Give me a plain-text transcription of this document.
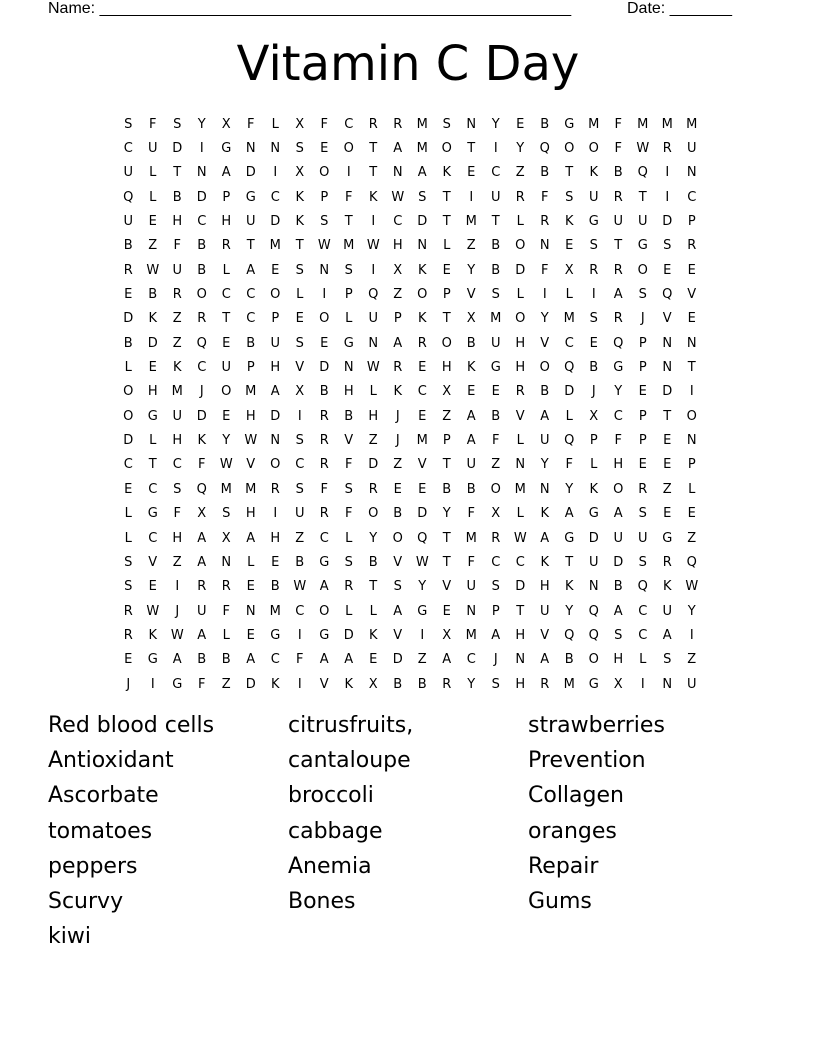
Name: _____________________________________________________	Date: _______
Vitamin C Day
S	F	S	Y	X	F	L	X	F	C	R	R	M	S	N	Y	E	B	G	M	F	M	M	M
C	U	D	I	G	N	N	S	E	O	T	A	M	O	T	I	Y	Q	O	O	F	W	R	U
U	L	T	N	A	D	I	X	O	I	T	N	A	K	E	C	Z	B	T	K	B	Q	I	N
Q	L	B	D	P	G	C	K	P	F	K	W	S	T	I	U	R	F	S	U	R	T	I	C
U	E	H	C	H	U	D	K	S	T	I	C	D	T	M	T	L	R	K	G	U	U	D	P
B	Z	F	B	R	T	M	T	W M W	H	N	L	Z	B	O	N	E	S	T	G	S	R
R	W	U	B	L	A	E	S	N	S	I	X	K	E	Y	B	D	F	X	R	R	O	E	E
E	B	R	O	C	C	O	L	I	P	Q	Z	O	P	V	S	L	I	L	I	A	S	Q	V
D	K	Z	R	T	C	P	E	O	L	U	P	K	T	X	M	O	Y	M	S	R	J	V	E
B	D	Z	Q	E	B	U	S	E	G	N	A	R	O	B	U	H	V	C	E	Q	P	N	N
L	E	K	C	U	P	H	V	D	N	W	R	E	H	K	G	H	O	Q	B	G	P	N	T
O	H	M	J	O	M	A	X	B	H	L	K	C	X	E	E	R	B	D	J	Y	E	D	I
O	G	U	D	E	H	D	I	R	B	H	J	E	Z	A	B	V	A	L	X	C	P	T	O
D	L	H	K	Y	W	N	S	R	V	Z	J	M	P	A	F	L	U	Q	P	F	P	E	N
C	T	C	F	W	V	O	C	R	F	D	Z	V	T	U	Z	N	Y	F	L	H	E	E	P
E	C	S	Q	M	M	R	S	F	S	R	E	E	B	B	O	M	N	Y	K	O	R	Z	L
L	G	F	X	S	H	I	U	R	F	O	B	D	Y	F	X	L	K	A	G	A	S	E	E
L	C	H	A	X	A	H	Z	C	L	Y	O	Q	T	M	R	W	A	G	D	U	U	G	Z
S	V	Z	A	N	L	E	B	G	S	B	V	W	T	F	C	C	K	T	U	D	S	R	Q
S	E	I	R	R	E	B	W	A	R	T	S	Y	V	U	S	D	H	K	N	B	Q	K	W
R	W	J	U	F	N	M	C	O	L	L	A	G	E	N	P	T	U	Y	Q	A	C	U	Y
R	K	W	A	L	E	G	I	G	D	K	V	I	X	M	A	H	V	Q	Q	S	C	A	I
E	G	A	B	B	A	C	F	A	A	E	D	Z	A	C	J	N	A	B	O	H	L	S	Z
J	I	G	F	Z	D	K	I	V	K	X	B	B	R	Y	S	H	R	M	G	X	I	N	U
Red blood cells	citrusfruits,	strawberries
Antioxidant	cantaloupe	Prevention
Ascorbate	broccoli	Collagen
tomatoes	cabbage	oranges
peppers	Anemia	Repair
Scurvy	Bones	Gums
kiwi
